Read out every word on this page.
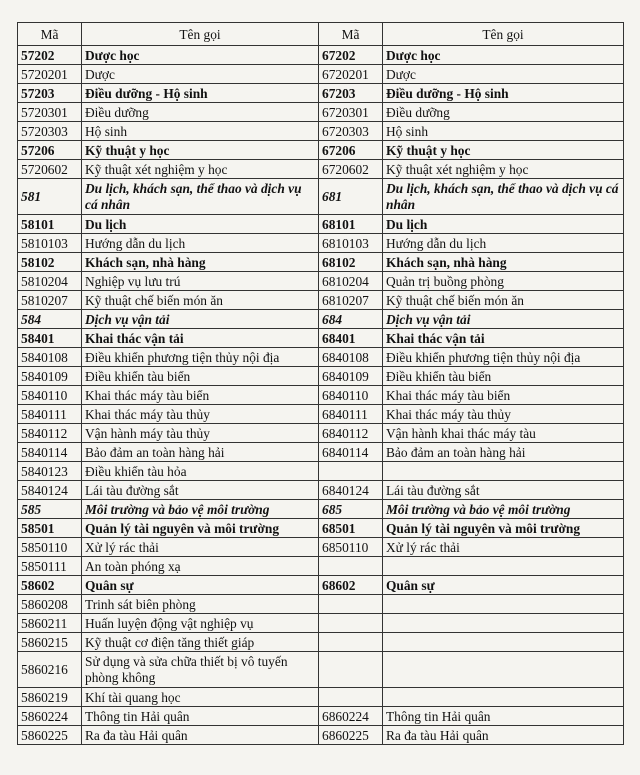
Mã	Tên gọi	Mã	Tên gọi
57202	Dược học	67202	Dược học
5720201	Dược	6720201	Dược
57203	Điều dưỡng - Hộ sinh	67203	Điều dưỡng - Hộ sinh
5720301	Điều dưỡng	6720301	Điều dưỡng
5720303	Hộ sinh	6720303	Hộ sinh
57206	Kỹ thuật y học	67206	Kỹ thuật y học
5720602	Kỹ thuật xét nghiệm y học	6720602	Kỹ thuật xét nghiệm y học
581	Du lịch, khách sạn, thể thao và dịch vụ cá nhân	681	Du lịch, khách sạn, thể thao và dịch vụ cá nhân
58101	Du lịch	68101	Du lịch
5810103	Hướng dẫn du lịch	6810103	Hướng dẫn du lịch
58102	Khách sạn, nhà hàng	68102	Khách sạn, nhà hàng
5810204	Nghiệp vụ lưu trú	6810204	Quản trị buồng phòng
5810207	Kỹ thuật chế biến món ăn	6810207	Kỹ thuật chế biến món ăn
584	Dịch vụ vận tải	684	Dịch vụ vận tải
58401	Khai thác vận tải	68401	Khai thác vận tải
5840108	Điều khiển phương tiện thủy nội địa	6840108	Điều khiển phương tiện thủy nội địa
5840109	Điều khiển tàu biển	6840109	Điều khiển tàu biển
5840110	Khai thác máy tàu biển	6840110	Khai thác máy tàu biển
5840111	Khai thác máy tàu thủy	6840111	Khai thác máy tàu thủy
5840112	Vận hành máy tàu thủy	6840112	Vận hành khai thác máy tàu
5840114	Bảo đảm an toàn hàng hải	6840114	Bảo đảm an toàn hàng hải
5840123	Điều khiển tàu hỏa		
5840124	Lái tàu đường sắt	6840124	Lái tàu đường sắt
585	Môi trường và bảo vệ môi trường	685	Môi trường và bảo vệ môi trường
58501	Quản lý tài nguyên và môi trường	68501	Quản lý tài nguyên và môi trường
5850110	Xử lý rác thải	6850110	Xử lý rác thải
5850111	An toàn phóng xạ		
58602	Quân sự	68602	Quân sự
5860208	Trinh sát biên phòng		
5860211	Huấn luyện động vật nghiệp vụ		
5860215	Kỹ thuật cơ điện tăng thiết giáp		
5860216	Sử dụng và sửa chữa thiết bị vô tuyến phòng không		
5860219	Khí tài quang học		
5860224	Thông tin Hải quân	6860224	Thông tin Hải quân
5860225	Ra đa tàu Hải quân	6860225	Ra đa tàu Hải quân
